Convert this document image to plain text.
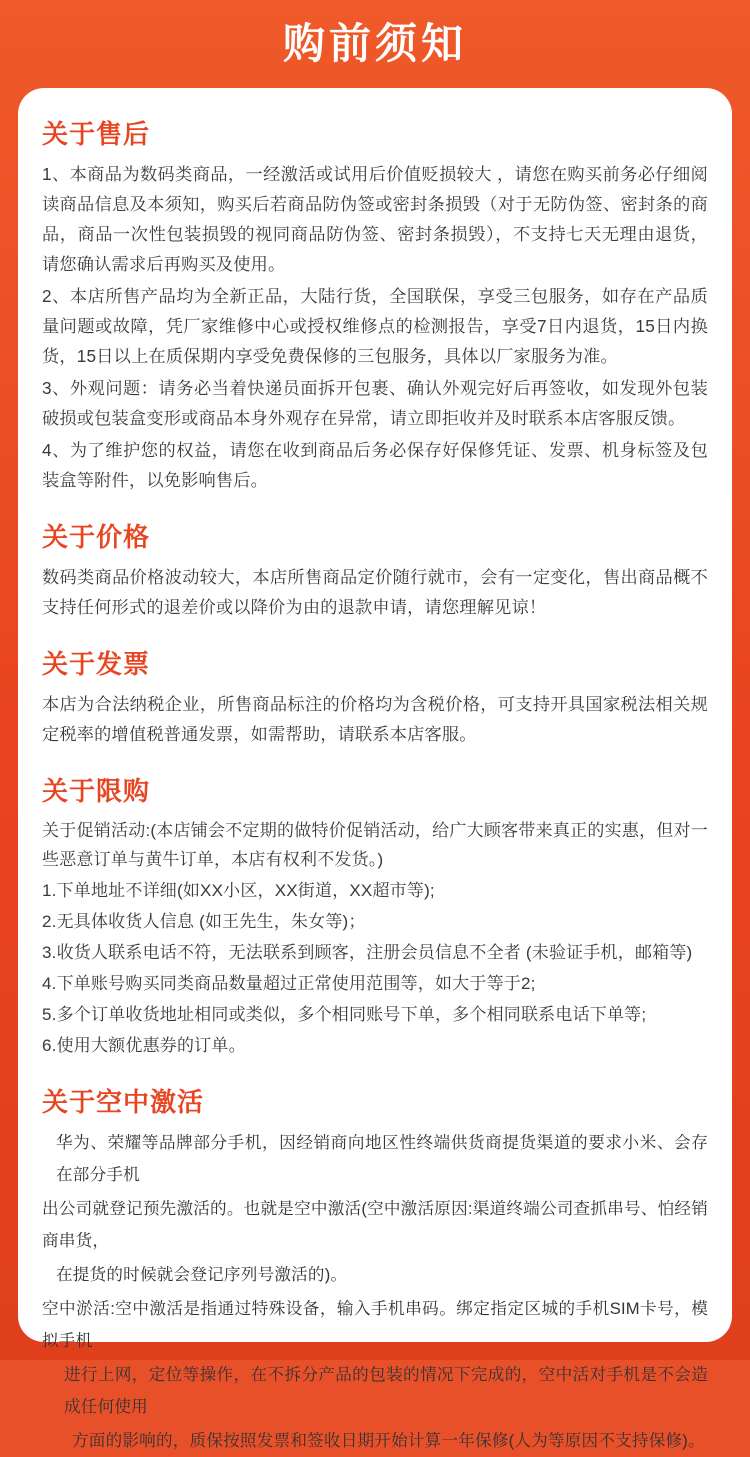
购前须知
关于售后

1、本商品为数码类商品，一经激活或试用后价值贬损较大 ，请您在购买前务必仔细阅读商品信息及本须知，购买后若商品防伪签或密封条损毁（对于无防伪签、密封条的商品，商品一次性包装损毁的视同商品防伪签、密封条损毁），不支持七天无理由退货，请您确认需求后再购买及使用。

2、本店所售产品均为全新正品，大陆行货，全国联保，享受三包服务，如存在产品质量问题或故障，凭厂家维修中心或授权维修点的检测报告，享受7日内退货，15日内换货，15日以上在质保期内享受免费保修的三包服务，具体以厂家服务为准。

3、外观问题：请务必当着快递员面拆开包裹、确认外观完好后再签收，如发现外包装破损或包装盒变形或商品本身外观存在异常，请立即拒收并及时联系本店客服反馈。

4、为了维护您的权益，请您在收到商品后务必保存好保修凭证、发票、机身标签及包装盒等附件，以免影响售后。

关于价格

数码类商品价格波动较大，本店所售商品定价随行就市，会有一定变化，售出商品概不支持任何形式的退差价或以降价为由的退款申请，请您理解见谅！

关于发票

本店为合法纳税企业，所售商品标注的价格均为含税价格，可支持开具国家税法相关规定税率的增值税普通发票，如需帮助，请联系本店客服。

关于限购

关于促销活动:(本店铺会不定期的做特价促销活动，给广大顾客带来真正的实惠，但对一些恶意订单与黄牛订单，本店有权利不发货。)

1.下单地址不详细(如XX小区，XX街道，XX超市等);

2.无具体收货人信息 (如王先生，朱女等)；

3.收货人联系电话不符，无法联系到顾客，注册会员信息不全者 (未验证手机，邮箱等)

4.下单账号购买同类商品数量超过正常使用范围等，如大于等于2;

5.多个订单收货地址相同或类似，多个相同账号下单，多个相同联系电话下单等;

6.使用大额优惠券的订单。

关于空中激活

华为、荣耀等品牌部分手机，因经销商向地区性终端供货商提货渠道的要求小米、会存在部分手机

出公司就登记预先激活的。也就是空中激活(空中激活原因:渠道终端公司查抓串号、怕经销商串货，

在提货的时候就会登记序列号激活的)。

空中淤活:空中激活是指通过特殊设备，输入手机串码。绑定指定区城的手机SIM卡号，模拟手机

进行上网，定位等操作，在不拆分产品的包装的情况下完成的，空中活对手机是不会造成任何使用

方面的影响的，质保按照发票和签收日期开始计算一年保修(人为等原因不支持保修)。
